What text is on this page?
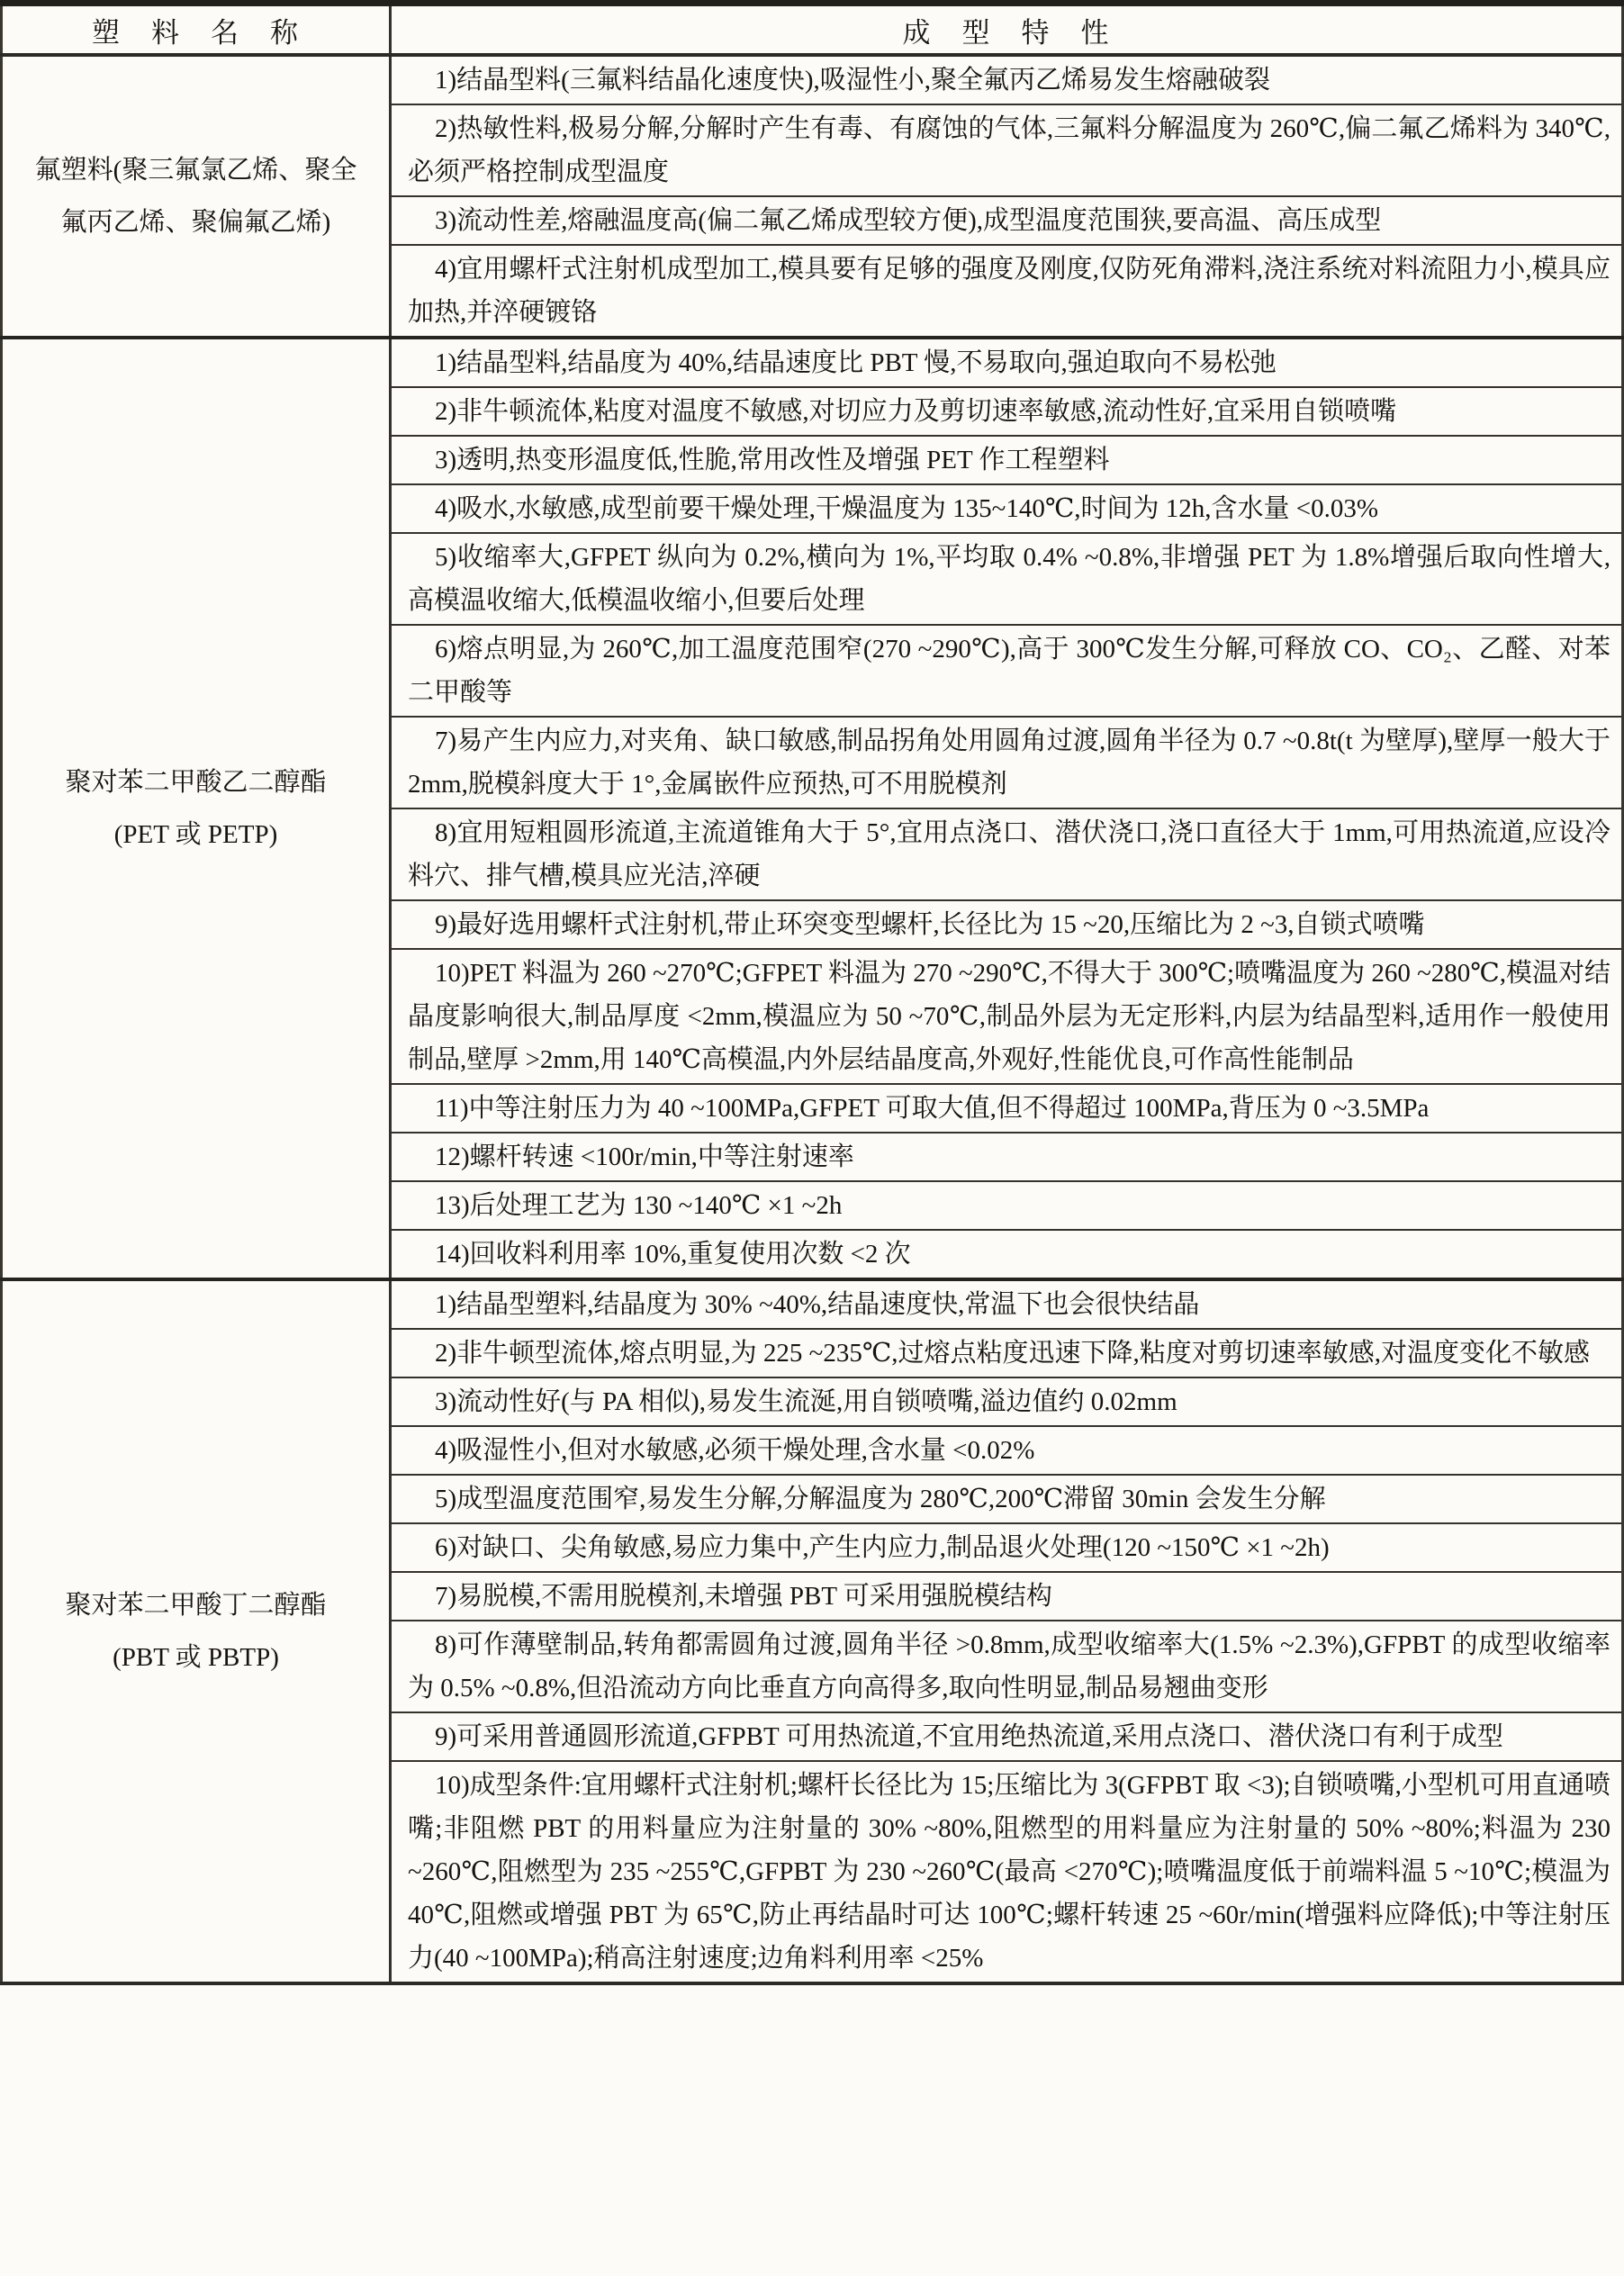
塑　料　名　称	成　型　特　性

氟塑料(聚三氟氯乙烯、聚全
氟丙乙烯、聚偏氟乙烯)	1)结晶型料(三氟料结晶化速度快),吸湿性小,聚全氟丙乙烯易发生熔融破裂

	2)热敏性料,极易分解,分解时产生有毒、有腐蚀的气体,三氟料分解温度为 260℃,偏二氟乙烯料为 340℃,必须严格控制成型温度

	3)流动性差,熔融温度高(偏二氟乙烯成型较方便),成型温度范围狭,要高温、高压成型

	4)宜用螺杆式注射机成型加工,模具要有足够的强度及刚度,仅防死角滞料,浇注系统对料流阻力小,模具应加热,并淬硬镀铬

聚对苯二甲酸乙二醇酯
(PET 或 PETP)	1)结晶型料,结晶度为 40%,结晶速度比 PBT 慢,不易取向,强迫取向不易松弛

	2)非牛顿流体,粘度对温度不敏感,对切应力及剪切速率敏感,流动性好,宜采用自锁喷嘴

	3)透明,热变形温度低,性脆,常用改性及增强 PET 作工程塑料

	4)吸水,水敏感,成型前要干燥处理,干燥温度为 135~140℃,时间为 12h,含水量 <0.03%

	5)收缩率大,GFPET 纵向为 0.2%,横向为 1%,平均取 0.4% ~0.8%,非增强 PET 为 1.8%增强后取向性增大,高模温收缩大,低模温收缩小,但要后处理

	6)熔点明显,为 260℃,加工温度范围窄(270 ~290℃),高于 300℃发生分解,可释放 CO、CO₂、乙醛、对苯二甲酸等

	7)易产生内应力,对夹角、缺口敏感,制品拐角处用圆角过渡,圆角半径为 0.7 ~0.8t(t 为壁厚),壁厚一般大于 2mm,脱模斜度大于 1°,金属嵌件应预热,可不用脱模剂

	8)宜用短粗圆形流道,主流道锥角大于 5°,宜用点浇口、潜伏浇口,浇口直径大于 1mm,可用热流道,应设冷料穴、排气槽,模具应光洁,淬硬

	9)最好选用螺杆式注射机,带止环突变型螺杆,长径比为 15 ~20,压缩比为 2 ~3,自锁式喷嘴

	10)PET 料温为 260 ~270℃;GFPET 料温为 270 ~290℃,不得大于 300℃;喷嘴温度为 260 ~280℃,模温对结晶度影响很大,制品厚度 <2mm,模温应为 50 ~70℃,制品外层为无定形料,内层为结晶型料,适用作一般使用制品,壁厚 >2mm,用 140℃高模温,内外层结晶度高,外观好,性能优良,可作高性能制品

	11)中等注射压力为 40 ~100MPa,GFPET 可取大值,但不得超过 100MPa,背压为 0 ~3.5MPa

	12)螺杆转速 <100r/min,中等注射速率

	13)后处理工艺为 130 ~140℃ ×1 ~2h

	14)回收料利用率 10%,重复使用次数 <2 次

聚对苯二甲酸丁二醇酯
(PBT 或 PBTP)	1)结晶型塑料,结晶度为 30% ~40%,结晶速度快,常温下也会很快结晶

	2)非牛顿型流体,熔点明显,为 225 ~235℃,过熔点粘度迅速下降,粘度对剪切速率敏感,对温度变化不敏感

	3)流动性好(与 PA 相似),易发生流涎,用自锁喷嘴,溢边值约 0.02mm

	4)吸湿性小,但对水敏感,必须干燥处理,含水量 <0.02%

	5)成型温度范围窄,易发生分解,分解温度为 280℃,200℃滞留 30min 会发生分解

	6)对缺口、尖角敏感,易应力集中,产生内应力,制品退火处理(120 ~150℃ ×1 ~2h)

	7)易脱模,不需用脱模剂,未增强 PBT 可采用强脱模结构

	8)可作薄壁制品,转角都需圆角过渡,圆角半径 >0.8mm,成型收缩率大(1.5% ~2.3%),GFPBT 的成型收缩率为 0.5% ~0.8%,但沿流动方向比垂直方向高得多,取向性明显,制品易翘曲变形

	9)可采用普通圆形流道,GFPBT 可用热流道,不宜用绝热流道,采用点浇口、潜伏浇口有利于成型

	10)成型条件:宜用螺杆式注射机;螺杆长径比为 15;压缩比为 3(GFPBT 取 <3);自锁喷嘴,小型机可用直通喷嘴;非阻燃 PBT 的用料量应为注射量的 30% ~80%,阻燃型的用料量应为注射量的 50% ~80%;料温为 230 ~260℃,阻燃型为 235 ~255℃,GFPBT 为 230 ~260℃(最高 <270℃);喷嘴温度低于前端料温 5 ~10℃;模温为 40℃,阻燃或增强 PBT 为 65℃,防止再结晶时可达 100℃;螺杆转速 25 ~60r/min(增强料应降低);中等注射压力(40 ~100MPa);稍高注射速度;边角料利用率 <25%
